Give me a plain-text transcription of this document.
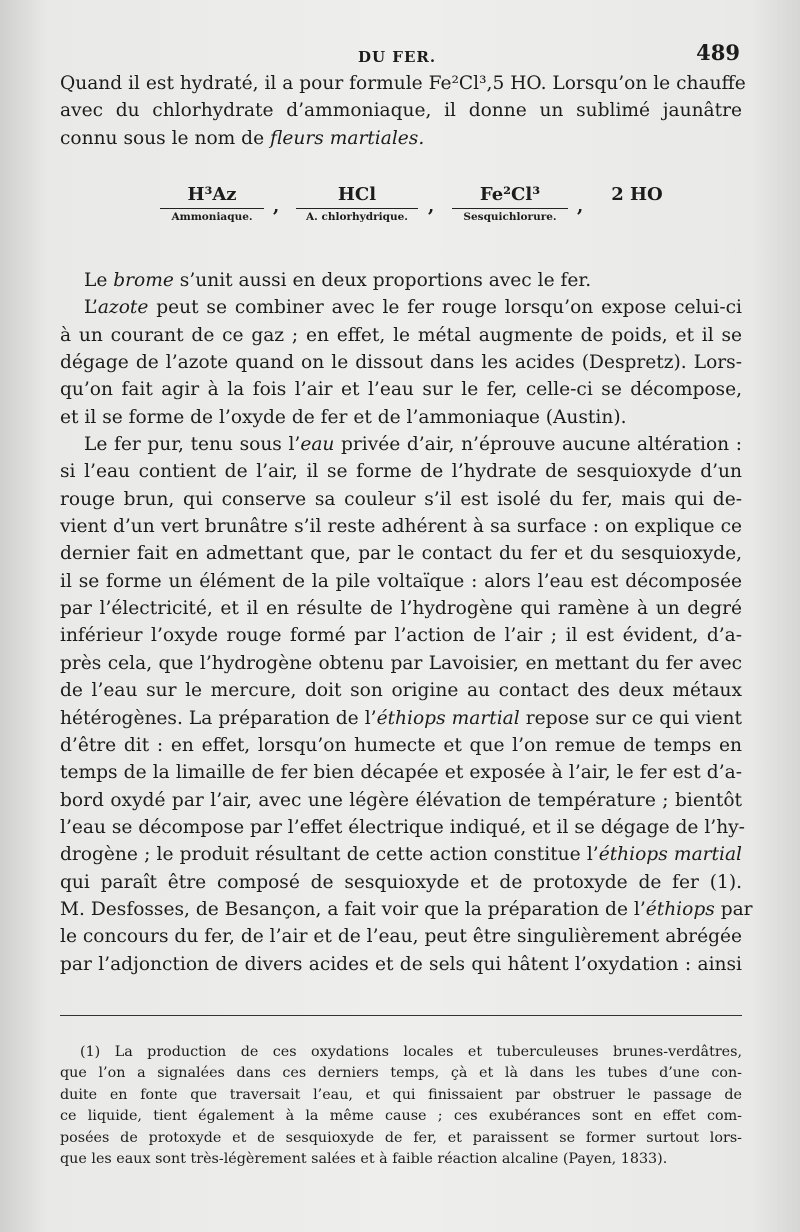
DU FER.	489
Quand il est hydraté, il a pour formule Fe²Cl³,5 HO. Lorsqu’on le chauffe
avec du chlorhydrate d’ammoniaque, il donne un sublimé jaunâtre
connu sous le nom de fleurs martiales.
H³Az
Ammoniaque.	,
HCl
A. chlorhydrique.	,
Fe²Cl³
Sesquichlorure.	,
2 HO
Le brome s’unit aussi en deux proportions avec le fer.
L’azote peut se combiner avec le fer rouge lorsqu’on expose celui-ci
à un courant de ce gaz ; en effet, le métal augmente de poids, et il se
dégage de l’azote quand on le dissout dans les acides (Despretz). Lors-
qu’on fait agir à la fois l’air et l’eau sur le fer, celle-ci se décompose,
et il se forme de l’oxyde de fer et de l’ammoniaque (Austin).
Le fer pur, tenu sous l’eau privée d’air, n’éprouve aucune altération :
si l’eau contient de l’air, il se forme de l’hydrate de sesquioxyde d’un
rouge brun, qui conserve sa couleur s’il est isolé du fer, mais qui de-
vient d’un vert brunâtre s’il reste adhérent à sa surface : on explique ce
dernier fait en admettant que, par le contact du fer et du sesquioxyde,
il se forme un élément de la pile voltaïque : alors l’eau est décomposée
par l’électricité, et il en résulte de l’hydrogène qui ramène à un degré
inférieur l’oxyde rouge formé par l’action de l’air ; il est évident, d’a-
près cela, que l’hydrogène obtenu par Lavoisier, en mettant du fer avec
de l’eau sur le mercure, doit son origine au contact des deux métaux
hétérogènes. La préparation de l’éthiops martial repose sur ce qui vient
d’être dit : en effet, lorsqu’on humecte et que l’on remue de temps en
temps de la limaille de fer bien décapée et exposée à l’air, le fer est d’a-
bord oxydé par l’air, avec une légère élévation de température ; bientôt
l’eau se décompose par l’effet électrique indiqué, et il se dégage de l’hy-
drogène ; le produit résultant de cette action constitue l’éthiops martial
qui paraît être composé de sesquioxyde et de protoxyde de fer (1).
M. Desfosses, de Besançon, a fait voir que la préparation de l’éthiops par
le concours du fer, de l’air et de l’eau, peut être singulièrement abrégée
par l’adjonction de divers acides et de sels qui hâtent l’oxydation : ainsi
(1) La production de ces oxydations locales et tuberculeuses brunes-verdâtres,
que l’on a signalées dans ces derniers temps, çà et là dans les tubes d’une con-
duite en fonte que traversait l’eau, et qui finissaient par obstruer le passage de
ce liquide, tient également à la même cause ; ces exubérances sont en effet com-
posées de protoxyde et de sesquioxyde de fer, et paraissent se former surtout lors-
que les eaux sont très-légèrement salées et à faible réaction alcaline (Payen, 1833).
